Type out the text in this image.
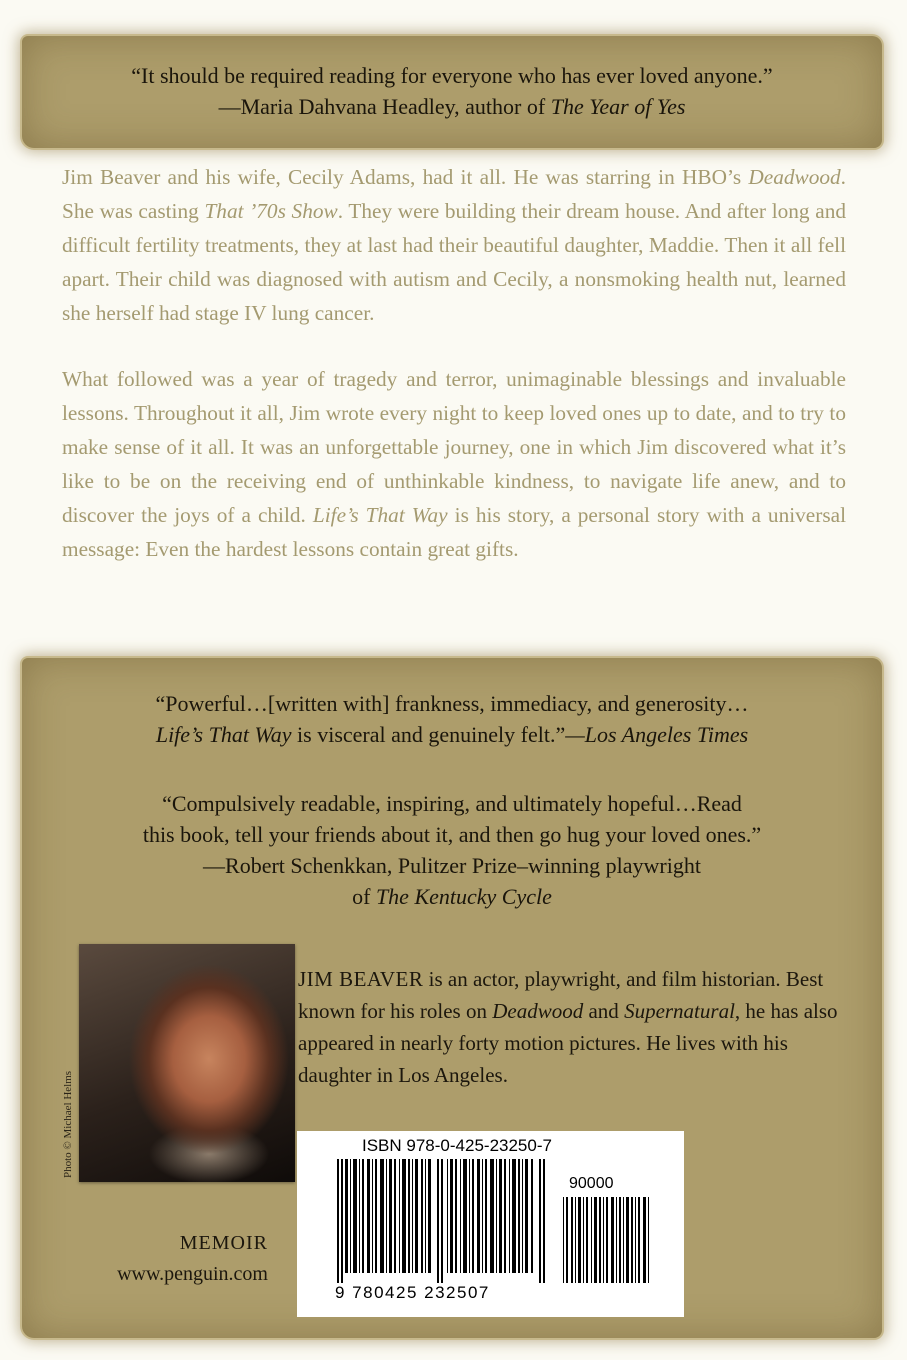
“It should be required reading for everyone who has ever loved anyone.”
—Maria Dahvana Headley, author of The Year of Yes

Jim Beaver and his wife, Cecily Adams, had it all. He was starring in HBO’s Deadwood. She was casting That ’70s Show. They were building their dream house. And after long and difficult fertility treatments, they at last had their beautiful daughter, Maddie. Then it all fell apart. Their child was diagnosed with autism and Cecily, a nonsmoking health nut, learned she herself had stage IV lung cancer.

What followed was a year of tragedy and terror, unimaginable blessings and invaluable lessons. Throughout it all, Jim wrote every night to keep loved ones up to date, and to try to make sense of it all. It was an unforgettable journey, one in which Jim discovered what it’s like to be on the receiving end of unthinkable kindness, to navigate life anew, and to discover the joys of a child. Life’s That Way is his story, a personal story with a universal message: Even the hardest lessons contain great gifts.

“Powerful…[written with] frankness, immediacy, and generosity…
Life’s That Way is visceral and genuinely felt.”—Los Angeles Times
“Compulsively readable, inspiring, and ultimately hopeful…Read
this book, tell your friends about it, and then go hug your loved ones.”
—Robert Schenkkan, Pulitzer Prize–winning playwright
of The Kentucky Cycle
Photo © Michael Helms
JIM BEAVER is an actor, playwright, and film historian. Best known for his roles on Deadwood and Supernatural, he has also appeared in nearly forty motion pictures. He lives with his daughter in Los Angeles.
ISBN 978-0-425-23250-7
90000
9 780425 232507
MEMOIR
www.penguin.com
